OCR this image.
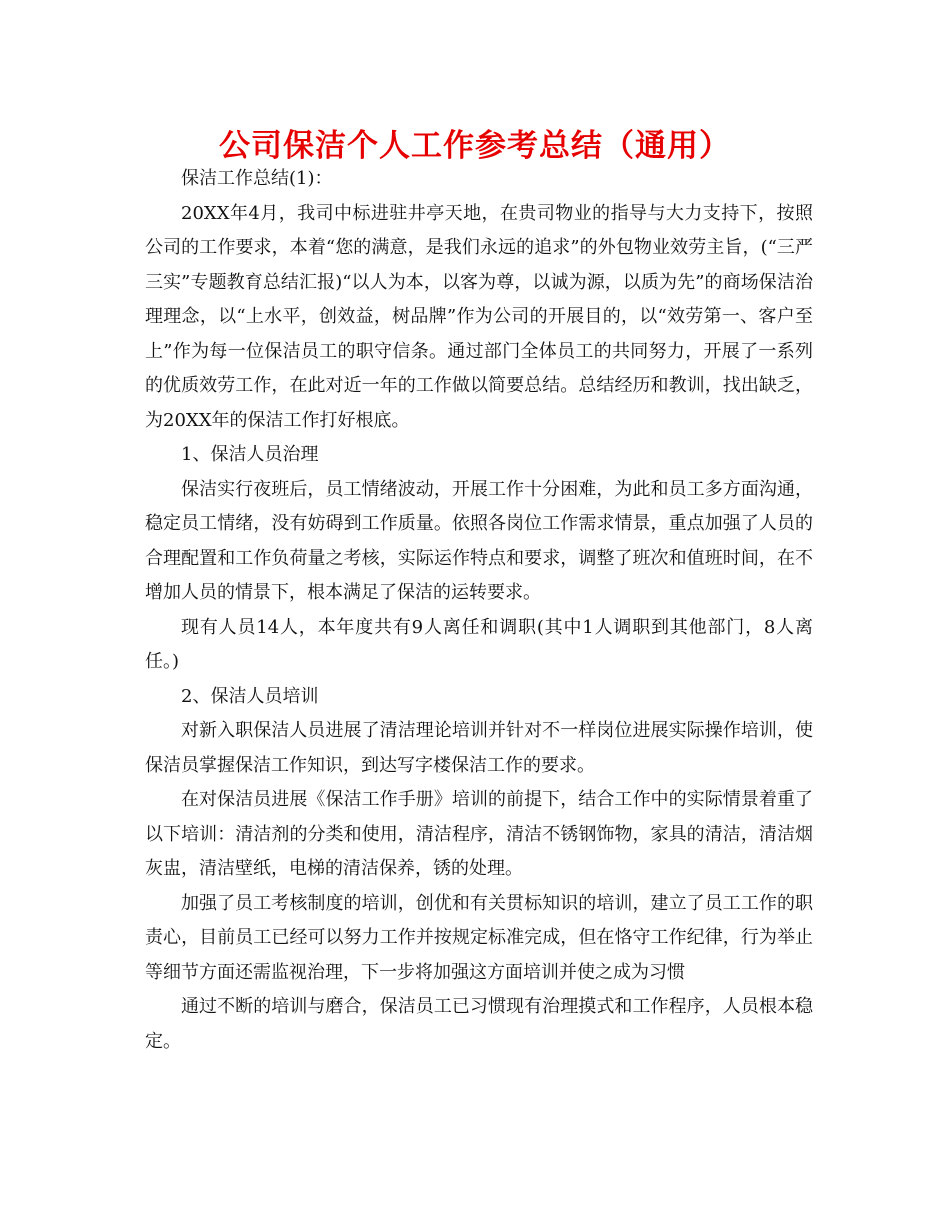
公司保洁个人工作参考总结（通用）

保洁工作总结(1)：

20XX年4月，我司中标进驻井亭天地，在贵司物业的指导与大力支持下，按照公司的工作要求，本着“您的满意，是我们永远的追求”的外包物业效劳主旨，(“三严三实”专题教育总结汇报)“以人为本，以客为尊，以诚为源，以质为先”的商场保洁治理理念，以“上水平，创效益，树品牌”作为公司的开展目的，以“效劳第一、客户至上”作为每一位保洁员工的职守信条。通过部门全体员工的共同努力，开展了一系列的优质效劳工作，在此对近一年的工作做以简要总结。总结经历和教训，找出缺乏，为20XX年的保洁工作打好根底。

1、保洁人员治理

保洁实行夜班后，员工情绪波动，开展工作十分困难，为此和员工多方面沟通，稳定员工情绪，没有妨碍到工作质量。依照各岗位工作需求情景，重点加强了人员的合理配置和工作负荷量之考核，实际运作特点和要求，调整了班次和值班时间，在不增加人员的情景下，根本满足了保洁的运转要求。

现有人员14人，本年度共有9人离任和调职(其中1人调职到其他部门，8人离任。)

2、保洁人员培训

对新入职保洁人员进展了清洁理论培训并针对不一样岗位进展实际操作培训，使保洁员掌握保洁工作知识，到达写字楼保洁工作的要求。

在对保洁员进展《保洁工作手册》培训的前提下，结合工作中的实际情景着重了以下培训：清洁剂的分类和使用，清洁程序，清洁不锈钢饰物，家具的清洁，清洁烟灰盅，清洁壁纸，电梯的清洁保养，锈的处理。

加强了员工考核制度的培训，创优和有关贯标知识的培训，建立了员工工作的职责心，目前员工已经可以努力工作并按规定标准完成，但在恪守工作纪律，行为举止等细节方面还需监视治理，下一步将加强这方面培训并使之成为习惯

通过不断的培训与磨合，保洁员工已习惯现有治理摸式和工作程序，人员根本稳定。
